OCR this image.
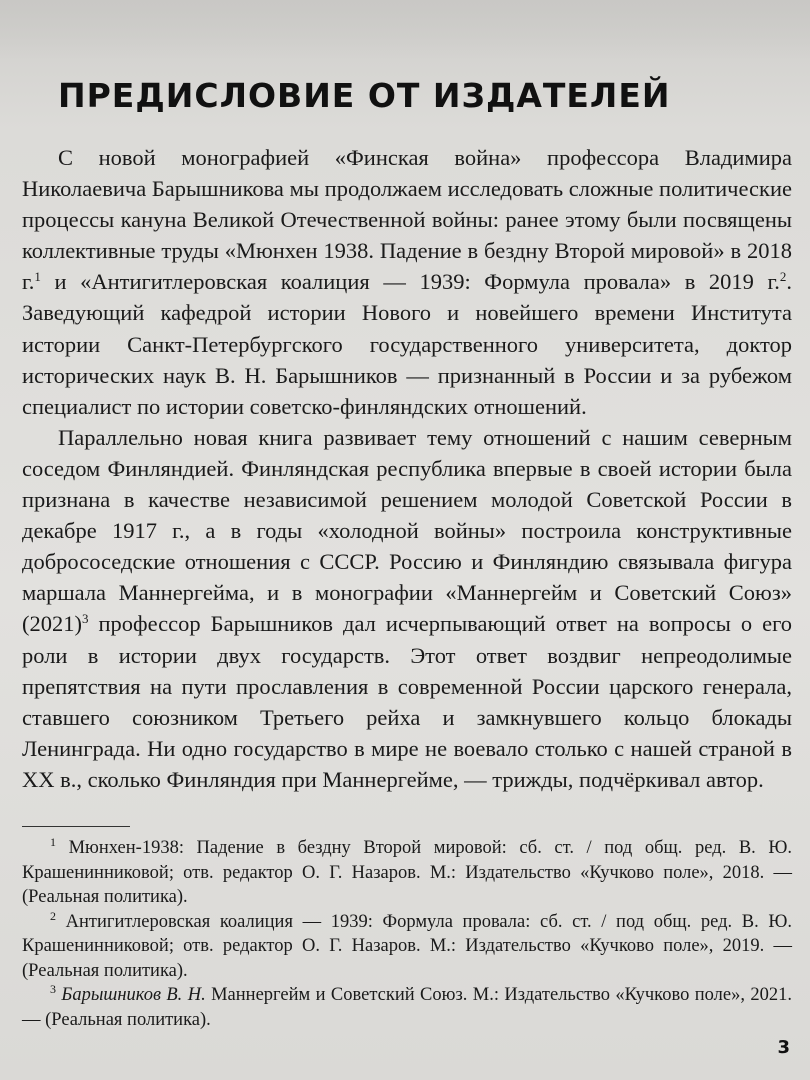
ПРЕДИСЛОВИЕ ОТ ИЗДАТЕЛЕЙ

С новой монографией «Финская война» профессора Владимира Николаевича Барышникова мы продолжаем исследовать сложные политические процессы кануна Великой Отечественной войны: ранее этому были посвящены коллективные труды «Мюнхен 1938. Падение в бездну Второй мировой» в 2018 г.$^1$ и «Антигитлеровская коалиция — 1939: Формула провала» в 2019 г.$^2$. Заведующий кафедрой истории Нового и новейшего времени Института истории Санкт-Петербургского государственного университета, доктор исторических наук В. Н. Барышников — признанный в России и за рубежом специалист по истории советско-финляндских отношений.

Параллельно новая книга развивает тему отношений с нашим северным соседом Финляндией. Финляндская республика впервые в своей истории была признана в качестве независимой решением молодой Советской России в декабре 1917 г., а в годы «холодной войны» построила конструктивные добрососедские отношения с СССР. Россию и Финляндию связывала фигура маршала Маннергейма, и в монографии «Маннергейм и Советский Союз» $(2021)^3$ профессор Барышников дал исчерпывающий ответ на вопросы о его роли в истории двух государств. Этот ответ воздвиг непреодолимые препятствия на пути прославления в современной России царского генерала, ставшего союзником Третьего рейха и замкнувшего кольцо блокады Ленинграда. Ни одно государство в мире не воевало столько с нашей страной в XX в., сколько Финляндия при Маннергейме, — трижды, подчёркивал автор.

$^1$ Мюнхен-1938: Падение в бездну Второй мировой: сб. ст. / под общ. ред. В. Ю. Крашенинниковой; отв. редактор О. Г. Назаров. М.: Издательство «Кучково поле», 2018. — (Реальная политика).

$^2$ Антигитлеровская коалиция — 1939: Формула провала: сб. ст. / под общ. ред. В. Ю. Крашенинниковой; отв. редактор О. Г. Назаров. М.: Издательство «Кучково поле», 2019. — (Реальная политика).

$^3$ Барышников В. Н. Маннергейм и Советский Союз. М.: Издательство «Кучково поле», 2021. — (Реальная политика).

3
